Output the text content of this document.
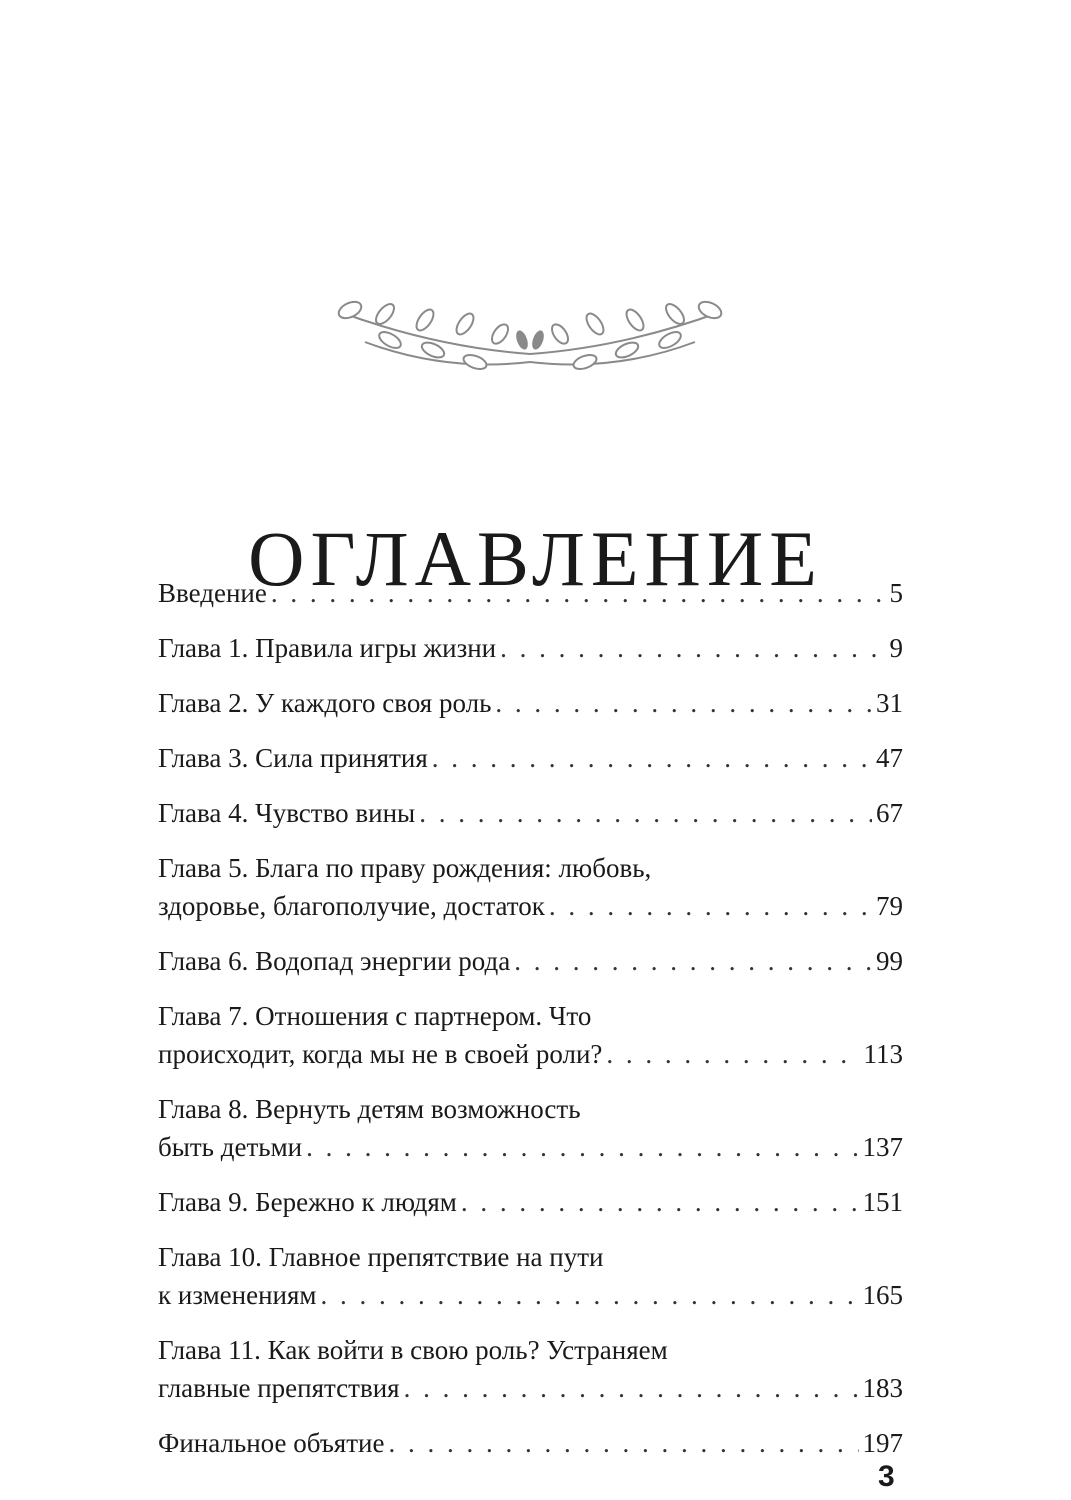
ОГЛАВЛЕНИЕ
Введение . . .	5
Глава 1. Правила игры жизни . . .	9
Глава 2. У каждого своя роль . . .	31
Глава 3. Сила принятия . . .	47
Глава 4. Чувство вины . . .	67
Глава 5. Блага по праву рождения: любовь,
здоровье, благополучие, достаток . . .	79
Глава 6. Водопад энергии рода . . .	99
Глава 7. Отношения с партнером. Что
происходит, когда мы не в своей роли? . . .	113
Глава 8. Вернуть детям возможность
быть детьми . . .	137
Глава 9. Бережно к людям . . .	151
Глава 10. Главное препятствие на пути
к изменениям . . .	165
Глава 11. Как войти в свою роль? Устраняем
главные препятствия . . .	183
Финальное объятие . . .	197
3
